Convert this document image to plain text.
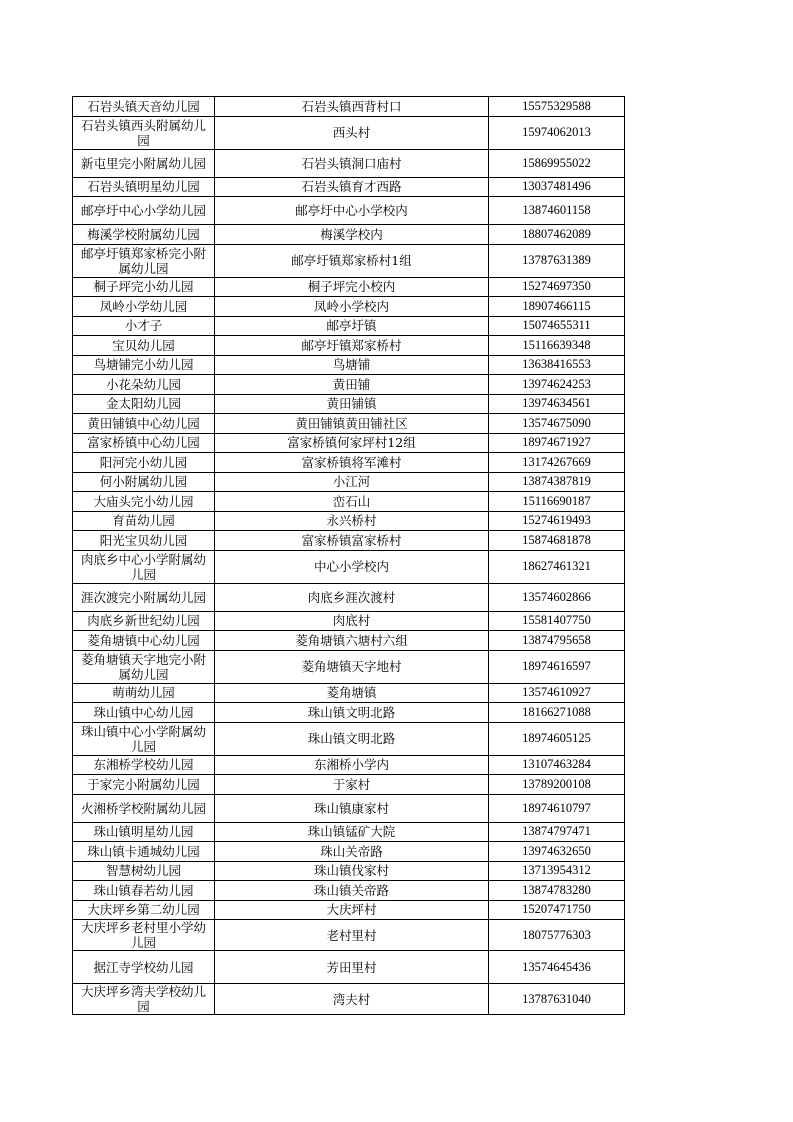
石岩头镇天音幼儿园	石岩头镇西背村口	15575329588
石岩头镇西头附属幼儿园	西头村	15974062013
新屯里完小附属幼儿园	石岩头镇洞口庙村	15869955022
石岩头镇明星幼儿园	石岩头镇育才西路	13037481496
邮亭圩中心小学幼儿园	邮亭圩中心小学校内	13874601158
梅溪学校附属幼儿园	梅溪学校内	18807462089
邮亭圩镇郑家桥完小附属幼儿园	邮亭圩镇郑家桥村1组	13787631389
桐子坪完小幼儿园	桐子坪完小校内	15274697350
凤岭小学幼儿园	凤岭小学校内	18907466115
小才子	邮亭圩镇	15074655311
宝贝幼儿园	邮亭圩镇郑家桥村	15116639348
鸟塘铺完小幼儿园	鸟塘铺	13638416553
小花朵幼儿园	黄田铺	13974624253
金太阳幼儿园	黄田铺镇	13974634561
黄田铺镇中心幼儿园	黄田铺镇黄田铺社区	13574675090
富家桥镇中心幼儿园	富家桥镇何家坪村12组	18974671927
阳河完小幼儿园	富家桥镇将军滩村	13174267669
何小附属幼儿园	小江河	13874387819
大庙头完小幼儿园	峦石山	15116690187
育苗幼儿园	永兴桥村	15274619493
阳光宝贝幼儿园	富家桥镇富家桥村	15874681878
肉底乡中心小学附属幼儿园	中心小学校内	18627461321
涯次渡完小附属幼儿园	肉底乡涯次渡村	13574602866
肉底乡新世纪幼儿园	肉底村	15581407750
菱角塘镇中心幼儿园	菱角塘镇六塘村六组	13874795658
菱角塘镇天字地完小附属幼儿园	菱角塘镇天字地村	18974616597
萌萌幼儿园	菱角塘镇	13574610927
珠山镇中心幼儿园	珠山镇文明北路	18166271088
珠山镇中心小学附属幼儿园	珠山镇文明北路	18974605125
东湘桥学校幼儿园	东湘桥小学内	13107463284
于家完小附属幼儿园	于家村	13789200108
火湘桥学校附属幼儿园	珠山镇康家村	18974610797
珠山镇明星幼儿园	珠山镇锰矿大院	13874797471
珠山镇卡通城幼儿园	珠山关帝路	13974632650
智慧树幼儿园	珠山镇伐家村	13713954312
珠山镇春若幼儿园	珠山镇关帝路	13874783280
大庆坪乡第二幼儿园	大庆坪村	15207471750
大庆坪乡老村里小学幼儿园	老村里村	18075776303
据江寺学校幼儿园	芳田里村	13574645436
大庆坪乡湾夫学校幼儿园	湾夫村	13787631040
